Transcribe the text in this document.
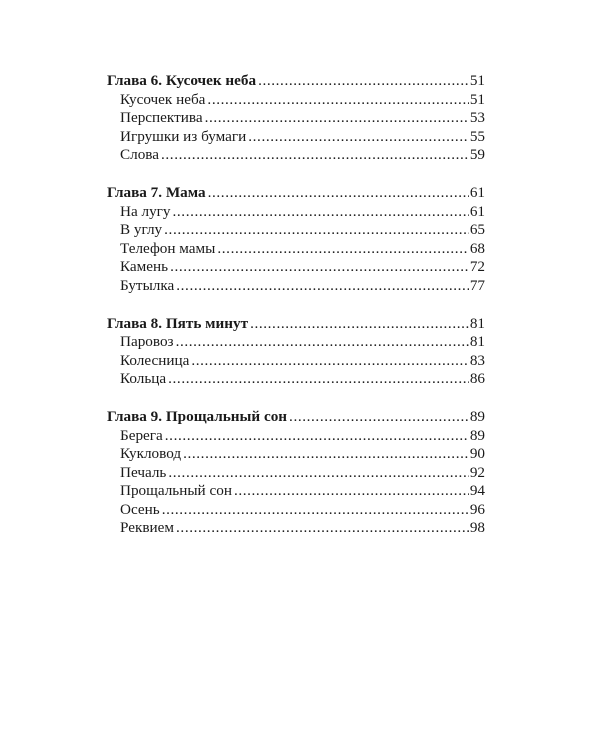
Глава 6. Кусочек неба .....	51
Кусочек неба .....	51
Перспектива .....	53
Игрушки из бумаги .....	55
Слова .....	59
Глава 7. Мама .....	61
На лугу .....	61
В углу .....	65
Телефон мамы .....	68
Камень .....	72
Бутылка .....	77
Глава 8. Пять минут .....	81
Паровоз .....	81
Колесница .....	83
Кольца .....	86
Глава 9. Прощальный сон .....	89
Берега .....	89
Кукловод .....	90
Печаль .....	92
Прощальный сон .....	94
Осень .....	96
Реквием .....	98
